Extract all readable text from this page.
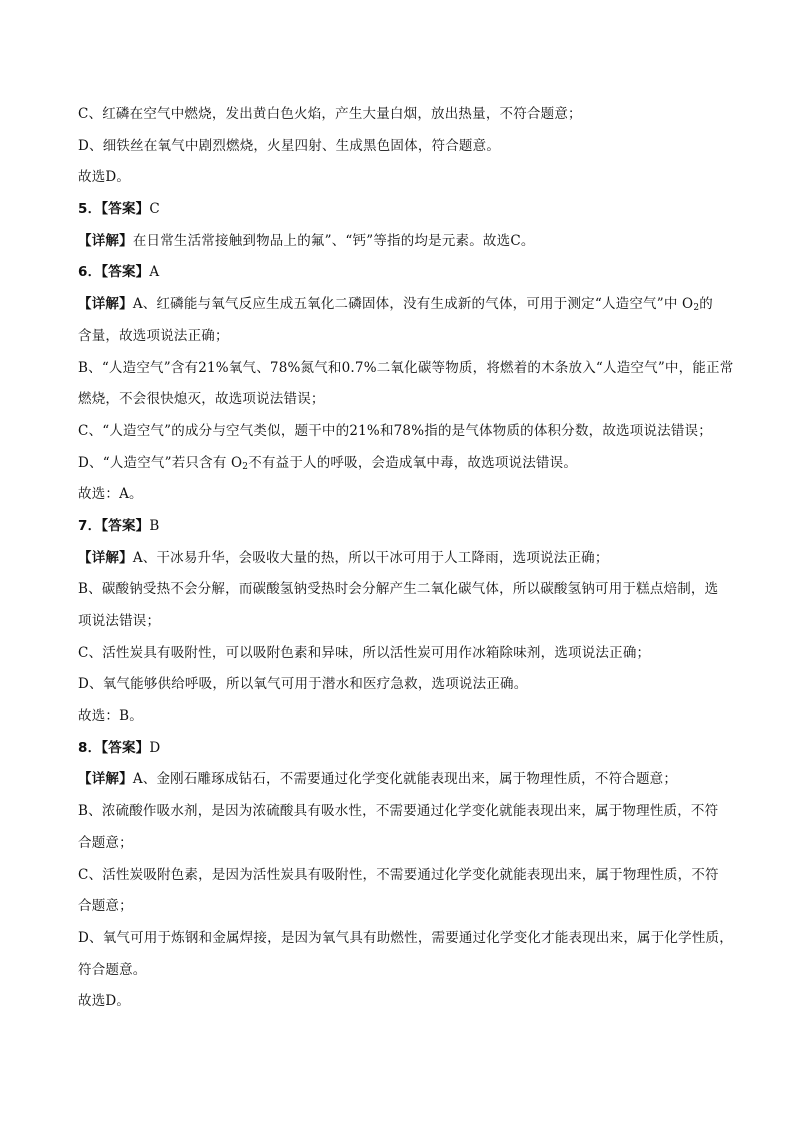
C、红磷在空气中燃烧，发出黄白色火焰，产生大量白烟，放出热量，不符合题意；
D、细铁丝在氧气中剧烈燃烧，火星四射、生成黑色固体，符合题意。
故选D。
5．【答案】C
【详解】在日常生活常接触到物品上的氟”、“钙”等指的均是元素。故选C。
6．【答案】A
【详解】A、红磷能与氧气反应生成五氧化二磷固体，没有生成新的气体，可用于测定“人造空气”中 $O_2$的
含量，故选项说法正确；
B、“人造空气”含有21%氧气、78%氮气和0.7%二氧化碳等物质，将燃着的木条放入“人造空气”中，能正常
燃烧，不会很快熄灭，故选项说法错误；
C、“人造空气”的成分与空气类似，题干中的21%和78%指的是气体物质的体积分数，故选项说法错误；
D、“人造空气”若只含有 $O_2$不有益于人的呼吸，会造成氧中毒，故选项说法错误。
故选：A。
7．【答案】B
【详解】A、干冰易升华，会吸收大量的热，所以干冰可用于人工降雨，选项说法正确；
B、碳酸钠受热不会分解，而碳酸氢钠受热时会分解产生二氧化碳气体，所以碳酸氢钠可用于糕点焙制，选
项说法错误；
C、活性炭具有吸附性，可以吸附色素和异味，所以活性炭可用作冰箱除味剂，选项说法正确；
D、氧气能够供给呼吸，所以氧气可用于潜水和医疗急救，选项说法正确。
故选：B。
8．【答案】D
【详解】A、金刚石雕琢成钻石，不需要通过化学变化就能表现出来，属于物理性质，不符合题意；
B、浓硫酸作吸水剂，是因为浓硫酸具有吸水性，不需要通过化学变化就能表现出来，属于物理性质，不符
合题意；
C、活性炭吸附色素，是因为活性炭具有吸附性，不需要通过化学变化就能表现出来，属于物理性质，不符
合题意；
D、氧气可用于炼钢和金属焊接，是因为氧气具有助燃性，需要通过化学变化才能表现出来，属于化学性质，
符合题意。
故选D。
